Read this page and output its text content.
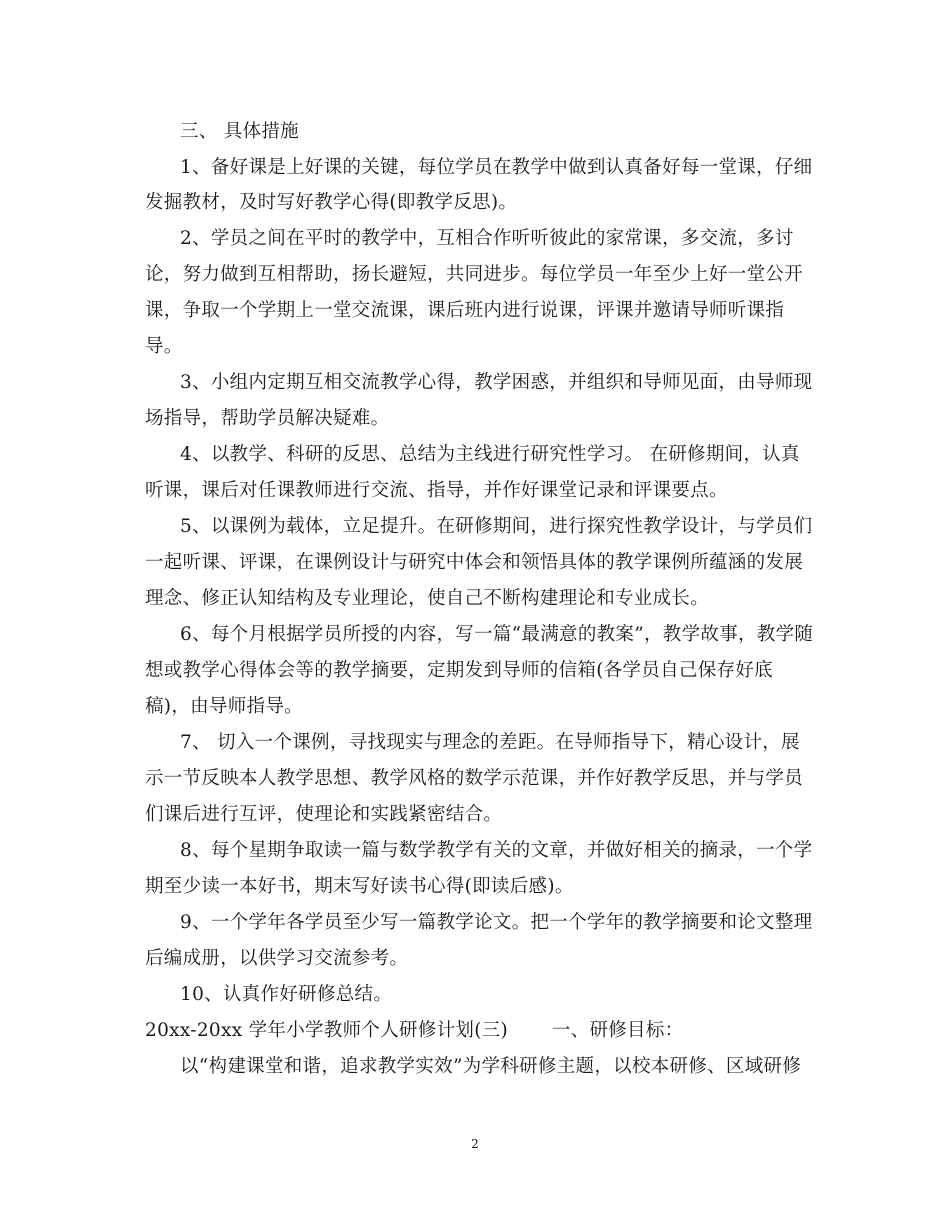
三、 具体措施
1、备好课是上好课的关键，每位学员在教学中做到认真备好每一堂课，仔细
发掘教材，及时写好教学心得(即教学反思)。
2、学员之间在平时的教学中，互相合作听听彼此的家常课，多交流，多讨
论，努力做到互相帮助，扬长避短，共同进步。每位学员一年至少上好一堂公开
课，争取一个学期上一堂交流课，课后班内进行说课，评课并邀请导师听课指
导。
3、小组内定期互相交流教学心得，教学困惑，并组织和导师见面，由导师现
场指导，帮助学员解决疑难。
4、以教学、科研的反思、总结为主线进行研究性学习。 在研修期间，认真
听课，课后对任课教师进行交流、指导，并作好课堂记录和评课要点。
5、以课例为载体，立足提升。在研修期间，进行探究性教学设计，与学员们
一起听课、评课，在课例设计与研究中体会和领悟具体的教学课例所蕴涵的发展
理念、修正认知结构及专业理论，使自己不断构建理论和专业成长。
6、每个月根据学员所授的内容，写一篇“最满意的教案”，教学故事，教学随
想或教学心得体会等的教学摘要，定期发到导师的信箱(各学员自己保存好底
稿)，由导师指导。
7、 切入一个课例，寻找现实与理念的差距。在导师指导下，精心设计，展
示一节反映本人教学思想、教学风格的数学示范课，并作好教学反思，并与学员
们课后进行互评，使理论和实践紧密结合。
8、每个星期争取读一篇与数学教学有关的文章，并做好相关的摘录，一个学
期至少读一本好书，期末写好读书心得(即读后感)。
9、一个学年各学员至少写一篇教学论文。把一个学年的教学摘要和论文整理
后编成册，以供学习交流参考。
10、认真作好研修总结。
20xx-20xx 学年小学教师个人研修计划(三)　　 一、研修目标：
以“构建课堂和谐，追求教学实效”为学科研修主题，以校本研修、区域研修
2
